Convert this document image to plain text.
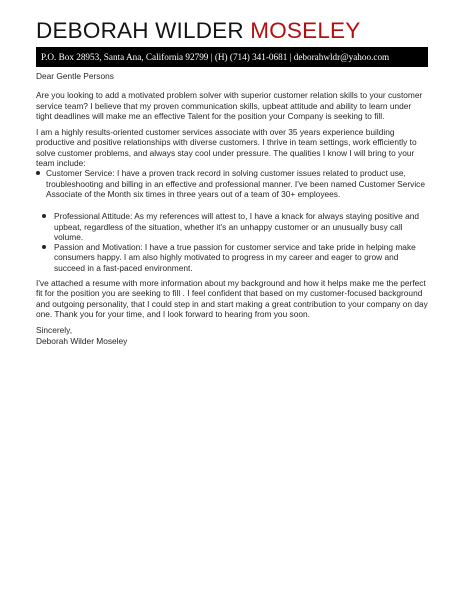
DEBORAH WILDER MOSELEY
P.O. Box 28953, Santa Ana, California 92799 | (H) (714) 341-0681 | deborahwldr@yahoo.com

Dear Gentle Persons

Are you looking to add a motivated problem solver with superior customer relation skills to your customer service team? I believe that my proven communication skills, upbeat attitude and ability to learn under tight deadlines will make me an effective Talent for the position your Company is seeking to fill.

I am a highly results-oriented customer services associate with over 35 years experience building productive and positive relationships with diverse customers. I thrive in team settings, work efficiently to solve customer problems, and always stay cool under pressure. The qualities I know I will bring to your team include:

Customer Service: I have a proven track record in solving customer issues related to product use, troubleshooting and billing in an effective and professional manner. I've been named Customer Service Associate of the Month six times in three years out of a team of 30+ employees.
Professional Attitude: As my references will attest to, I have a knack for always staying positive and upbeat, regardless of the situation, whether it's an unhappy customer or an unusually busy call volume.
Passion and Motivation: I have a true passion for customer service and take pride in helping make consumers happy. I am also highly motivated to progress in my career and eager to grow and succeed in a fast-paced environment.

I've attached a resume with more information about my background and how it helps make me the perfect fit for the position you are seeking to fill . I feel confident that based on my customer-focused background and outgoing personality, that I could step in and start making a great contribution to your company on day one. Thank you for your time, and I look forward to hearing from you soon.

Sincerely,

Deborah Wilder Moseley
